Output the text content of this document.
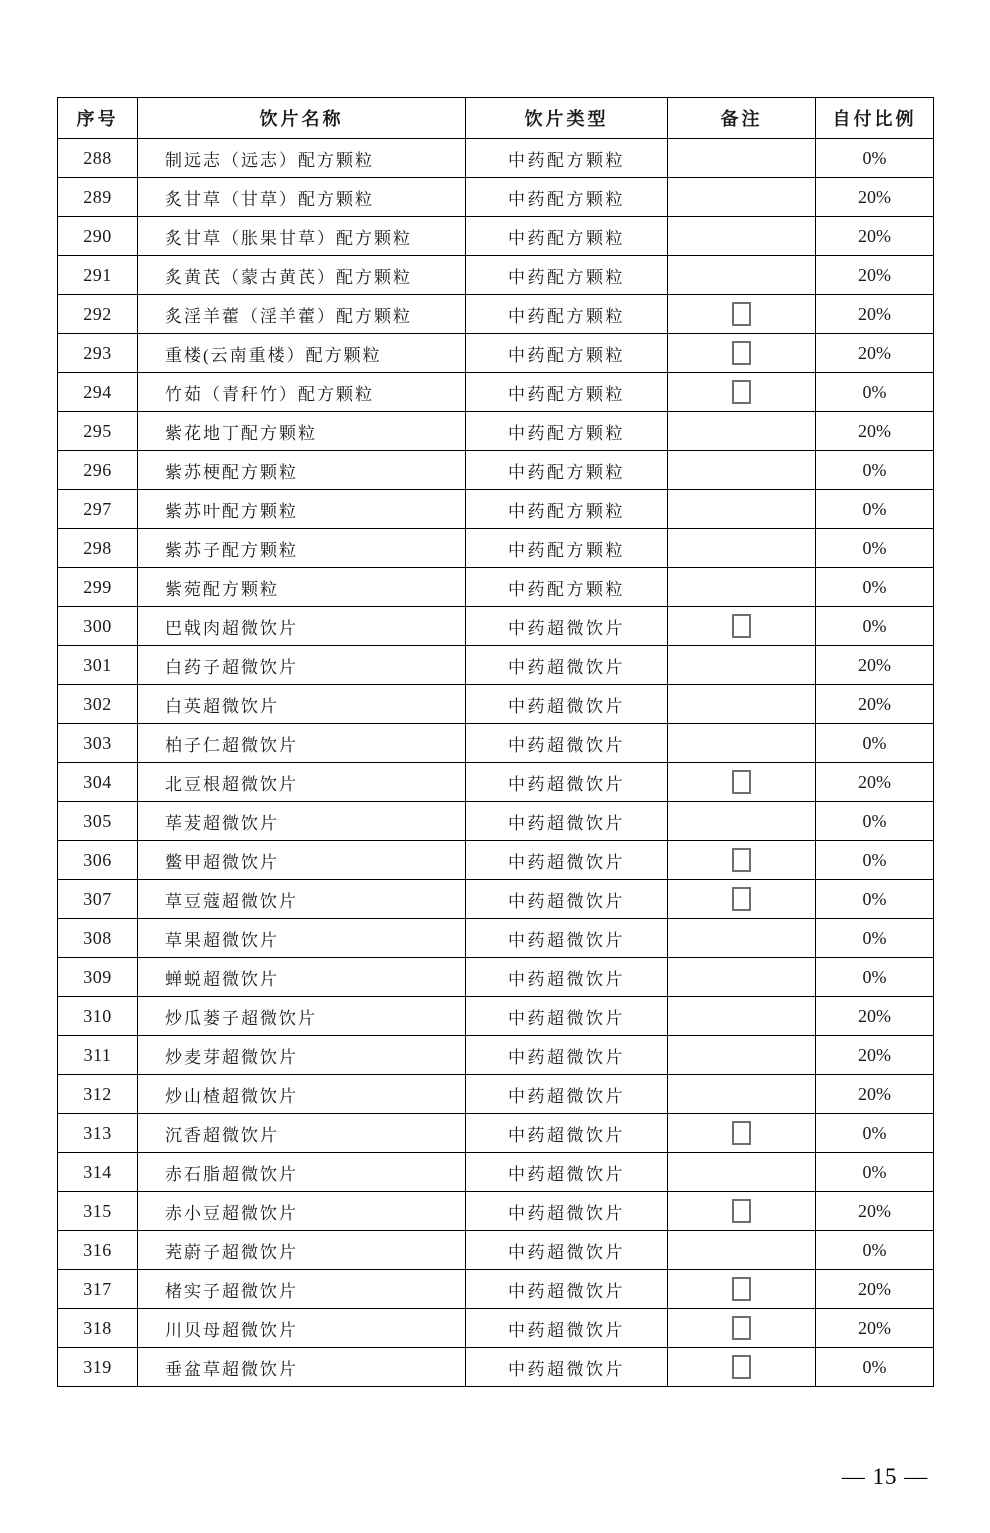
序号	饮片名称	饮片类型	备注	自付比例
288	制远志（远志）配方颗粒	中药配方颗粒		0%
289	炙甘草（甘草）配方颗粒	中药配方颗粒		20%
290	炙甘草（胀果甘草）配方颗粒	中药配方颗粒		20%
291	炙黄芪（蒙古黄芪）配方颗粒	中药配方颗粒		20%
292	炙淫羊藿（淫羊藿）配方颗粒	中药配方颗粒		20%
293	重楼(云南重楼）配方颗粒	中药配方颗粒		20%
294	竹茹（青秆竹）配方颗粒	中药配方颗粒		0%
295	紫花地丁配方颗粒	中药配方颗粒		20%
296	紫苏梗配方颗粒	中药配方颗粒		0%
297	紫苏叶配方颗粒	中药配方颗粒		0%
298	紫苏子配方颗粒	中药配方颗粒		0%
299	紫菀配方颗粒	中药配方颗粒		0%
300	巴戟肉超微饮片	中药超微饮片		0%
301	白药子超微饮片	中药超微饮片		20%
302	白英超微饮片	中药超微饮片		20%
303	柏子仁超微饮片	中药超微饮片		0%
304	北豆根超微饮片	中药超微饮片		20%
305	荜茇超微饮片	中药超微饮片		0%
306	鳖甲超微饮片	中药超微饮片		0%
307	草豆蔻超微饮片	中药超微饮片		0%
308	草果超微饮片	中药超微饮片		0%
309	蝉蜕超微饮片	中药超微饮片		0%
310	炒瓜蒌子超微饮片	中药超微饮片		20%
311	炒麦芽超微饮片	中药超微饮片		20%
312	炒山楂超微饮片	中药超微饮片		20%
313	沉香超微饮片	中药超微饮片		0%
314	赤石脂超微饮片	中药超微饮片		0%
315	赤小豆超微饮片	中药超微饮片		20%
316	茺蔚子超微饮片	中药超微饮片		0%
317	楮实子超微饮片	中药超微饮片		20%
318	川贝母超微饮片	中药超微饮片		20%
319	垂盆草超微饮片	中药超微饮片		0%
— 15 —
